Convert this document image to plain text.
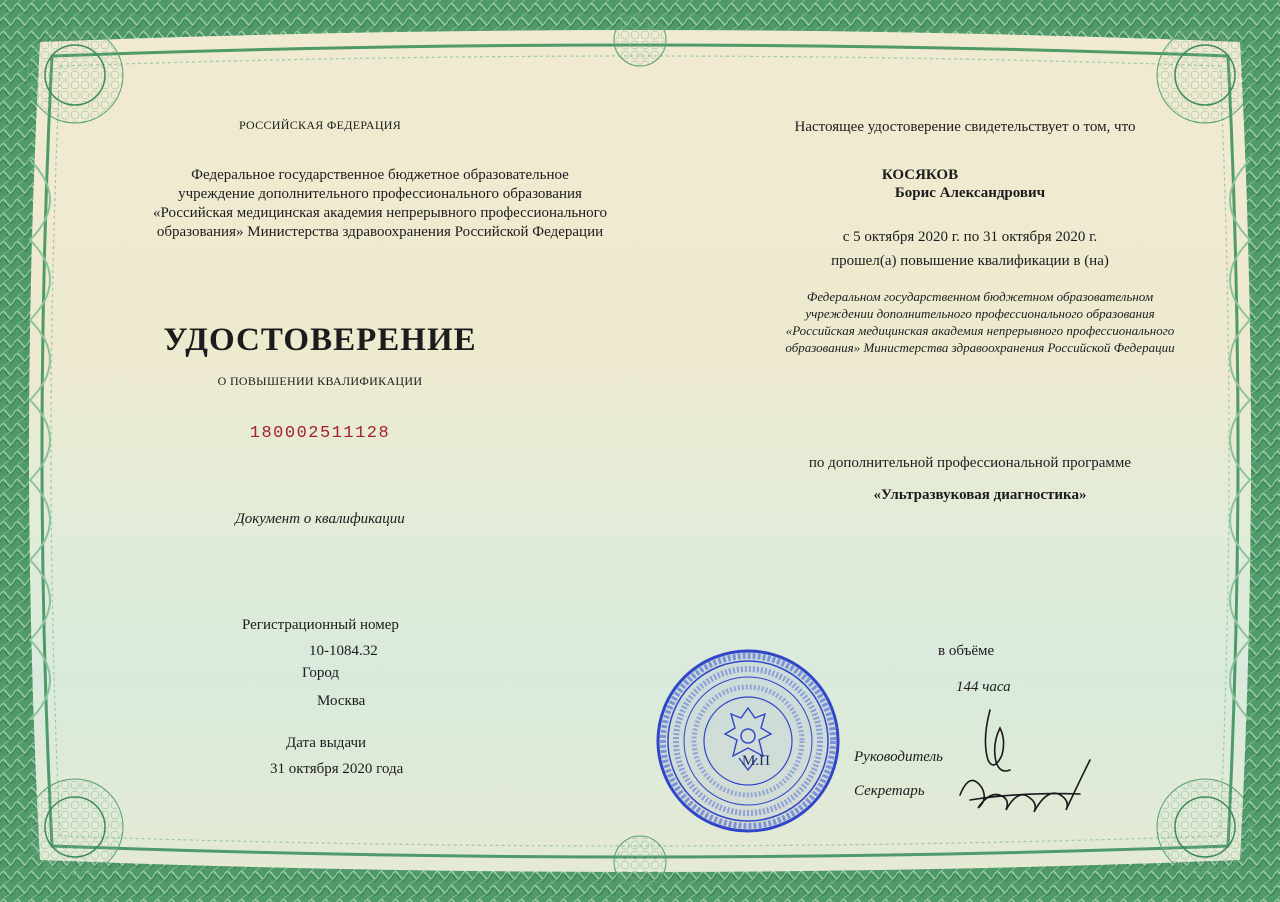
РОССИЙСКАЯ ФЕДЕРАЦИЯ
Федеральное государственное бюджетное образовательное
учреждение дополнительного профессионального образования
«Российская медицинская академия непрерывного профессионального
образования» Министерства здравоохранения Российской Федерации
УДОСТОВЕРЕНИЕ
О ПОВЫШЕНИИ КВАЛИФИКАЦИИ
180002511128
Документ о квалификации
Регистрационный номер
10-1084.32
Город
Москва
Дата выдачи
31 октября 2020 года
Настоящее удостоверение свидетельствует о том, что
КОСЯКОВ
Борис Александрович
с 5 октября 2020 г. по 31 октября 2020 г.
прошел(а) повышение квалификации в (на)
Федеральном государственном бюджетном образовательном
учреждении дополнительного профессионального образования
«Российская медицинская академия непрерывного профессионального
образования» Министерства здравоохранения Российской Федерации
по дополнительной профессиональной программе
«Ультразвуковая диагностика»
в объёме
144 часа
Руководитель
Секретарь

М.П
